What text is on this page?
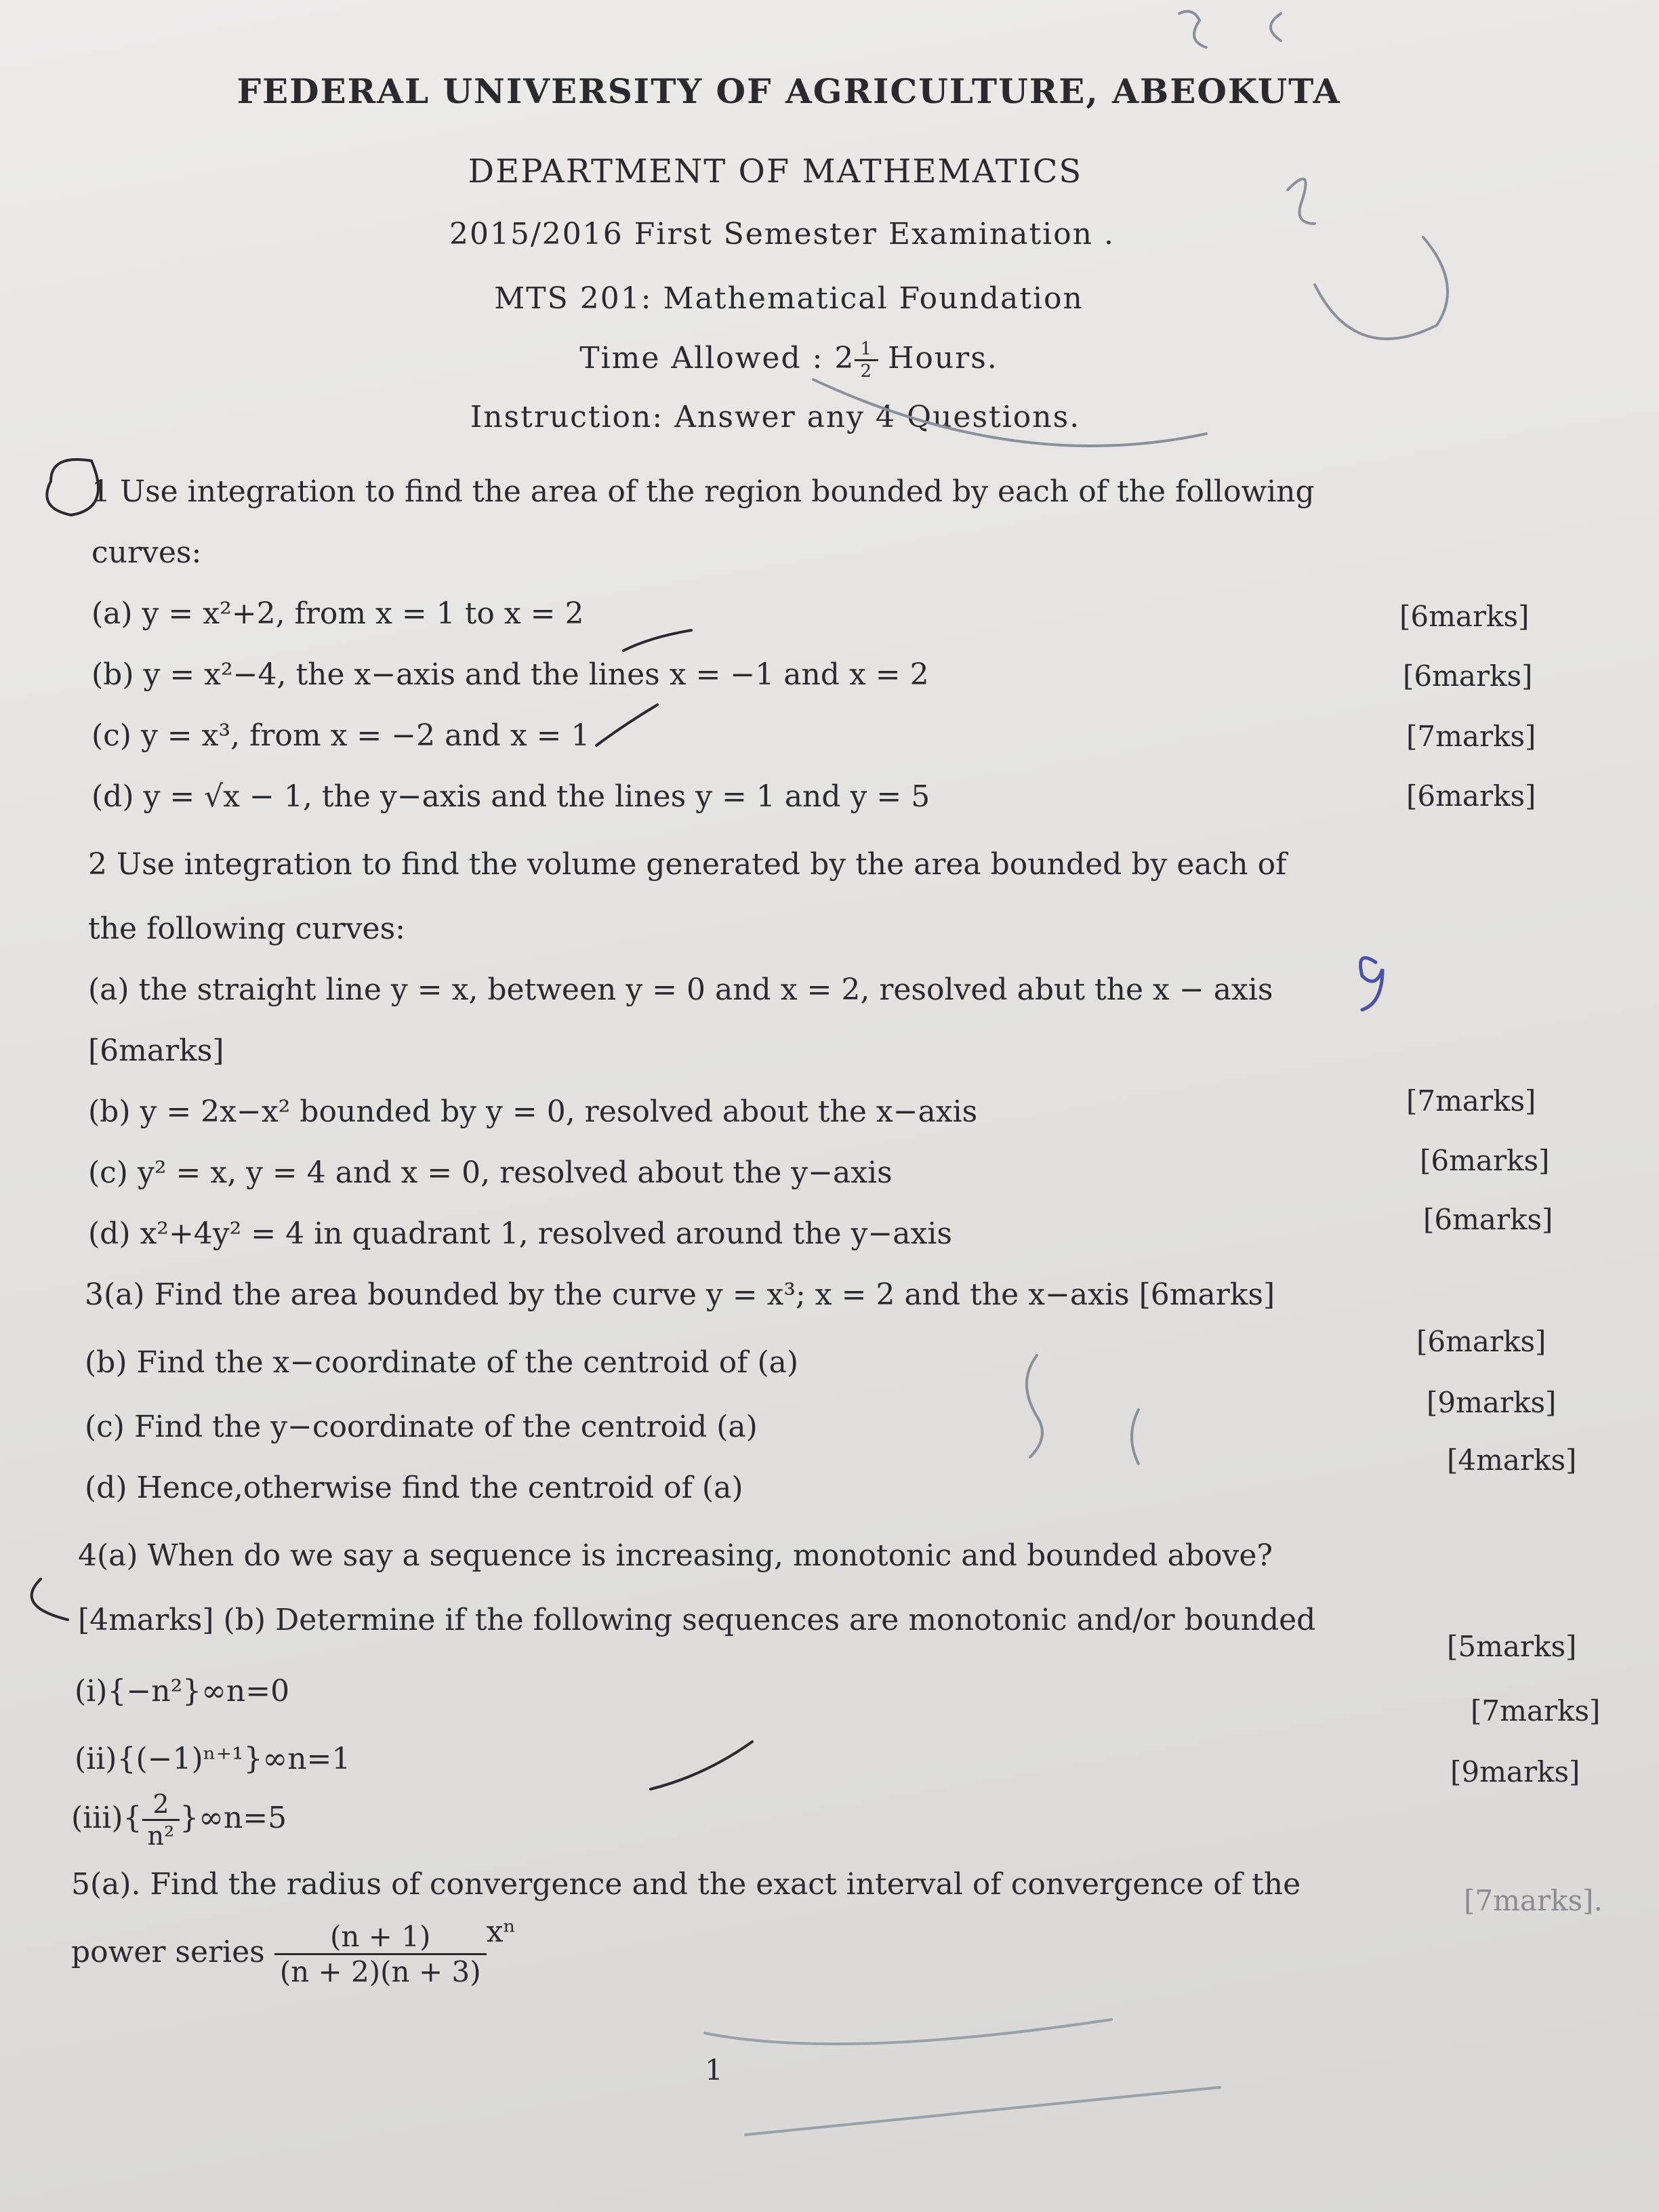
FEDERAL UNIVERSITY OF AGRICULTURE, ABEOKUTA
DEPARTMENT OF MATHEMATICS
2015/2016 First Semester Examination .
MTS 201: Mathematical Foundation
Time Allowed : $2 \frac{1}{2}$ Hours.
Instruction: Answer any 4 Questions.
1 Use integration to find the area of the region bounded by each of the following
curves:
(a) y = x²+2, from x = 1 to x = 2
(b) y = x²−4, the x−axis and the lines x = −1 and x = 2
(c) y = x³, from x = −2 and x = 1
(d) y = √x − 1, the y−axis and the lines y = 1 and y = 5
[6marks]
[6marks]
[7marks]
[6marks]
2 Use integration to find the volume generated by the area bounded by each of
the following curves:
(a) the straight line y = x, between y = 0 and x = 2, resolved abut the x − axis
[6marks]
(b) y = 2x−x² bounded by y = 0, resolved about the x−axis
(c) y² = x, y = 4 and x = 0, resolved about the y−axis
(d) x²+4y² = 4 in quadrant 1, resolved around the y−axis
[7marks]
[6marks]
[6marks]
3(a) Find the area bounded by the curve y = x³; x = 2 and the x−axis [6marks]
(b) Find the x−coordinate of the centroid of (a)
(c) Find the y−coordinate of the centroid (a)
(d) Hence,otherwise find the centroid of (a)
[6marks]
[9marks]
[4marks]
4(a) When do we say a sequence is increasing, monotonic and bounded above?
[4marks] (b) Determine if the following sequences are monotonic and/or bounded
(i){−n²}∞n=0
(ii){(−1)ⁿ⁺¹}∞n=1
$(iii)\{ \frac{2}{\text{n²}} \}\infty n=5$
[5marks]
[7marks]
[9marks]
5(a). Find the radius of convergence and the exact interval of convergence of the
power series $\frac{(n + 1)}{(n + 2)(n + 3)}$ xⁿ
[7marks].
1
